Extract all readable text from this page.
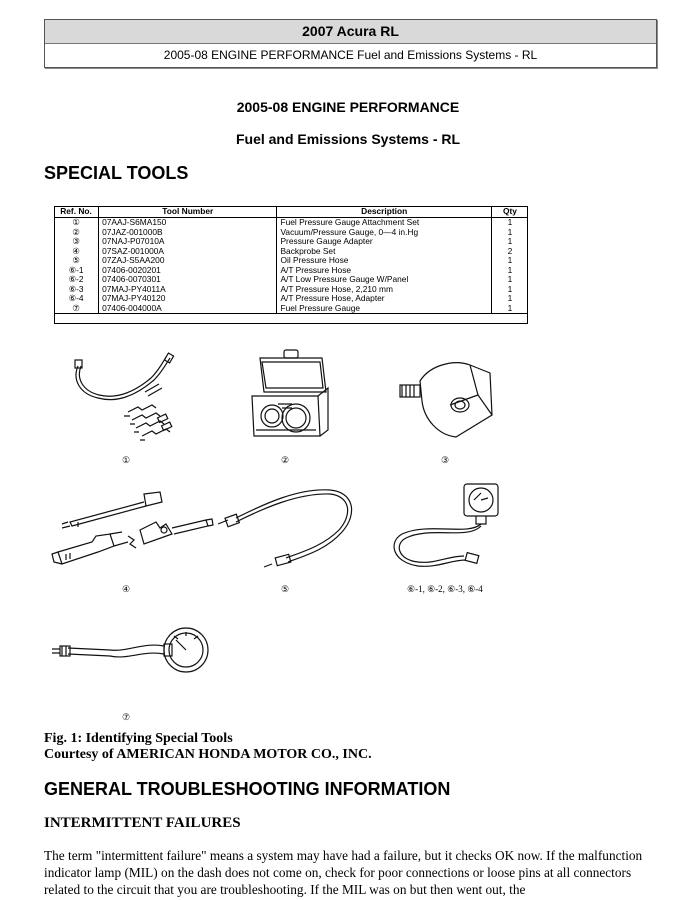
2007 Acura RL
2005-08 ENGINE PERFORMANCE Fuel and Emissions Systems - RL
2005-08 ENGINE PERFORMANCE
Fuel and Emissions Systems - RL
SPECIAL TOOLS
Ref. No.	Tool Number	Description	Qty
①	07AAJ-S6MA150	Fuel Pressure Gauge Attachment Set	1
②	07JAZ-001000B	Vacuum/Pressure Gauge, 0—4 in.Hg	1
③	07NAJ-P07010A	Pressure Gauge Adapter	1
④	07SAZ-001000A	Backprobe Set	2
⑤	07ZAJ-S5AA200	Oil Pressure Hose	1
⑥-1	07406-0020201	A/T Pressure Hose	1
⑥-2	07406-0070301	A/T Low Pressure Gauge W/Panel	1
⑥-3	07MAJ-PY4011A	A/T Pressure Hose, 2,210 mm	1
⑥-4	07MAJ-PY40120	A/T Pressure Hose, Adapter	1
⑦	07406-004000A	Fuel Pressure Gauge	1
①	②	③
④	⑤	⑥-1, ⑥-2, ⑥-3, ⑥-4
⑦
Fig. 1: Identifying Special Tools
Courtesy of AMERICAN HONDA MOTOR CO., INC.
GENERAL TROUBLESHOOTING INFORMATION
INTERMITTENT FAILURES
The term "intermittent failure" means a system may have had a failure, but it checks OK now. If the malfunction indicator lamp (MIL) on the dash does not come on, check for poor connections or loose pins at all connectors related to the circuit that you are troubleshooting. If the MIL was on but then went out, the
